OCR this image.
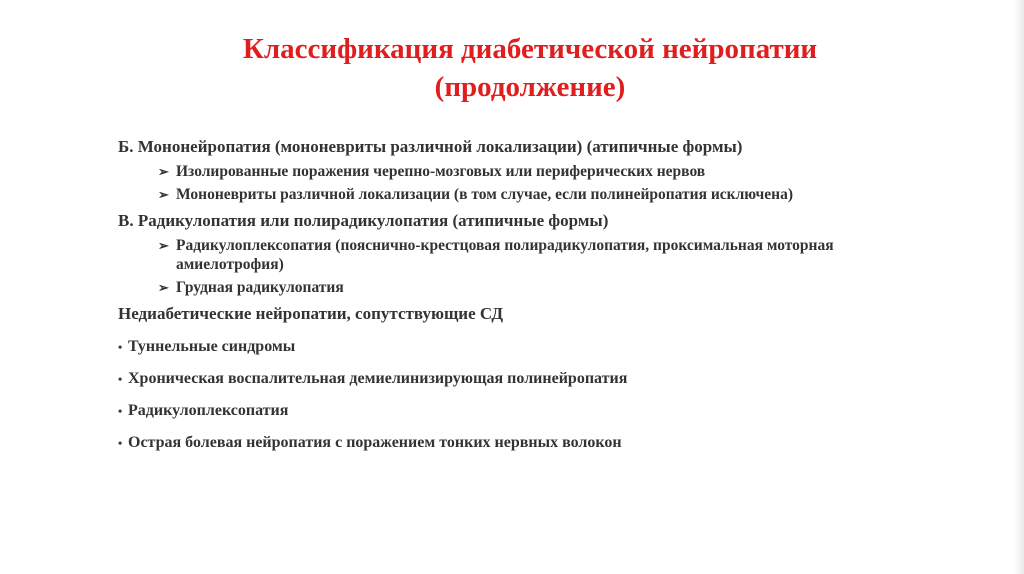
Классификация диабетической нейропатии
(продолжение)
Б. Мононейропатия (мононевриты различной локализации) (атипичные формы)
➢ Изолированные поражения черепно-мозговых или периферических нервов
➢ Мононевриты различной локализации (в том случае, если полинейропатия исключена)
В. Радикулопатия или полирадикулопатия (атипичные формы)
➢ Радикулоплексопатия (пояснично-крестцовая полирадикулопатия, проксимальная моторная амиелотрофия)
➢ Грудная радикулопатия
Недиабетические нейропатии, сопутствующие СД
• Туннельные синдромы
• Хроническая воспалительная демиелинизирующая полинейропатия
• Радикулоплексопатия
• Острая болевая нейропатия с поражением тонких нервных волокон
